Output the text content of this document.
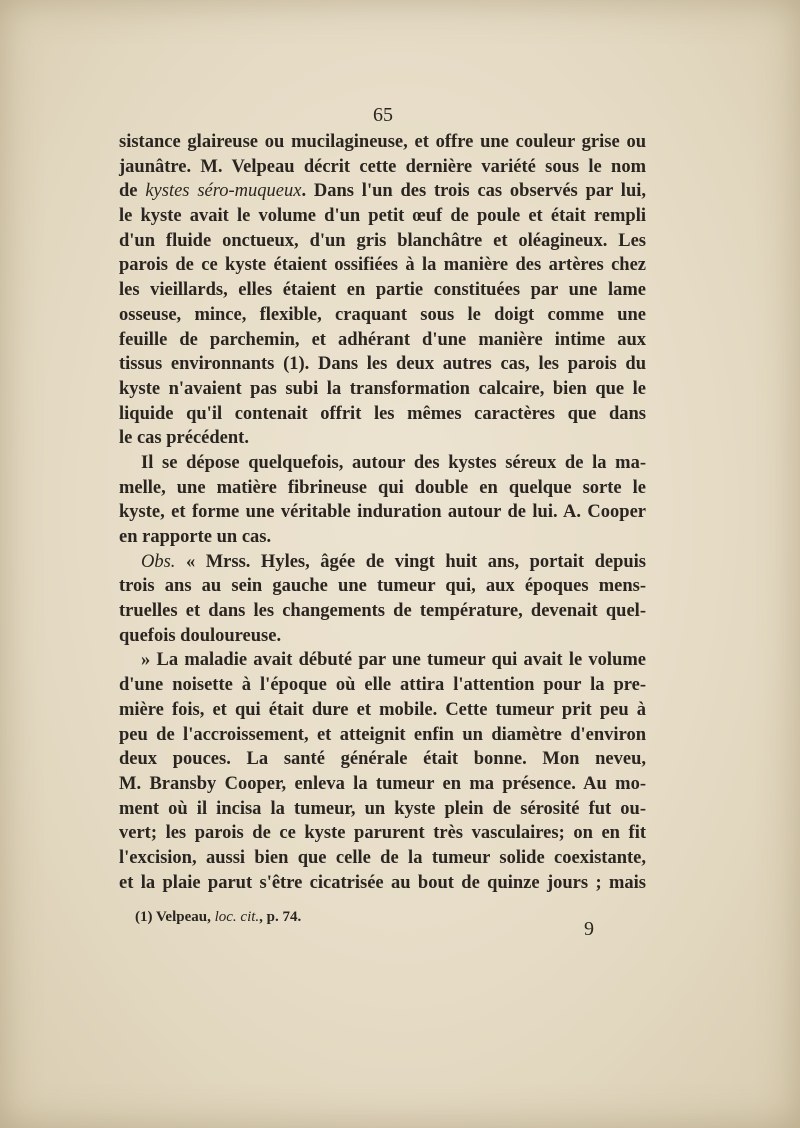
65
sistance glaireuse ou mucilagineuse, et offre une couleur grise ou
jaunâtre. M. Velpeau décrit cette dernière variété sous le nom
de kystes séro-muqueux. Dans l'un des trois cas observés par lui,
le kyste avait le volume d'un petit œuf de poule et était rempli
d'un fluide onctueux, d'un gris blanchâtre et oléagineux. Les
parois de ce kyste étaient ossifiées à la manière des artères chez
les vieillards, elles étaient en partie constituées par une lame
osseuse, mince, flexible, craquant sous le doigt comme une
feuille de parchemin, et adhérant d'une manière intime aux
tissus environnants (1). Dans les deux autres cas, les parois du
kyste n'avaient pas subi la transformation calcaire, bien que le
liquide qu'il contenait offrit les mêmes caractères que dans
le cas précédent.
Il se dépose quelquefois, autour des kystes séreux de la ma-
melle, une matière fibrineuse qui double en quelque sorte le
kyste, et forme une véritable induration autour de lui. A. Cooper
en rapporte un cas.
Obs. « Mrss. Hyles, âgée de vingt huit ans, portait depuis
trois ans au sein gauche une tumeur qui, aux époques mens-
truelles et dans les changements de température, devenait quel-
quefois douloureuse.
» La maladie avait débuté par une tumeur qui avait le volume
d'une noisette à l'époque où elle attira l'attention pour la pre-
mière fois, et qui était dure et mobile. Cette tumeur prit peu à
peu de l'accroissement, et atteignit enfin un diamètre d'environ
deux pouces. La santé générale était bonne. Mon neveu,
M. Bransby Cooper, enleva la tumeur en ma présence. Au mo-
ment où il incisa la tumeur, un kyste plein de sérosité fut ou-
vert; les parois de ce kyste parurent très vasculaires; on en fit
l'excision, aussi bien que celle de la tumeur solide coexistante,
et la plaie parut s'être cicatrisée au bout de quinze jours ; mais
(1) Velpeau, loc. cit., p. 74.
9
